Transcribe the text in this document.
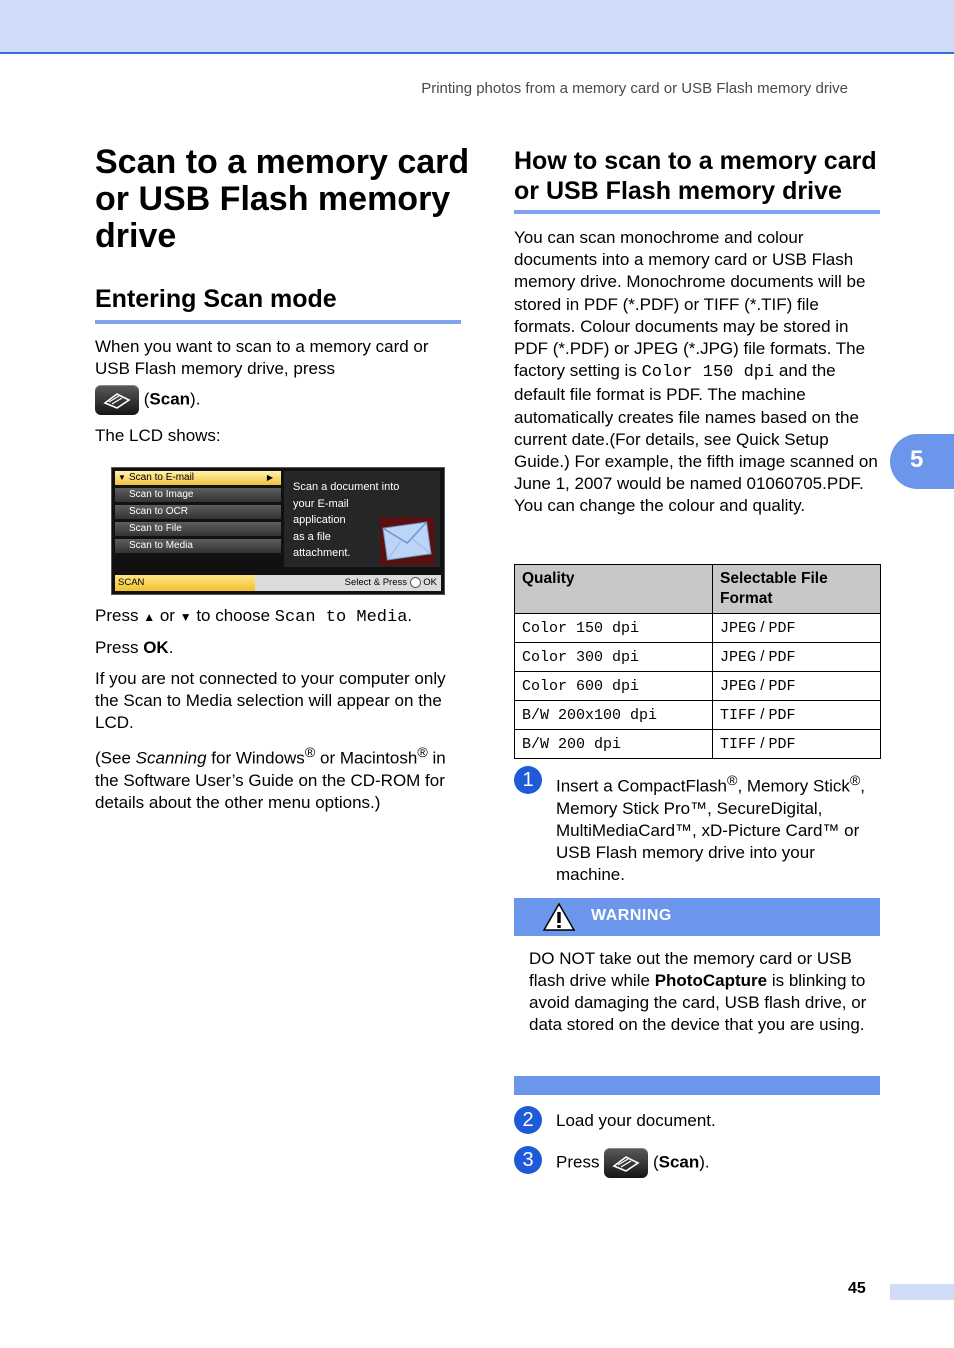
Printing photos from a memory card or USB Flash memory drive
Scan to a memory card or USB Flash memory drive
Entering Scan mode

When you want to scan to a memory card or USB Flash memory drive, press

(Scan).

The LCD shows:

▼ Scan to E-mail	▶
Scan to Image
Scan to OCR
Scan to File
Scan to Media
Scan a document into
your E-mail
application
as a file
attachment.
SCAN	Select & Press OK

Press ▲ or ▼ to choose Scan to Media.

Press OK.

If you are not connected to your computer only the Scan to Media selection will appear on the LCD.

(See Scanning for Windows® or Macintosh® in the Software User’s Guide on the CD-ROM for details about the other menu options.)

How to scan to a memory card or USB Flash memory drive

You can scan monochrome and colour documents into a memory card or USB Flash memory drive. Monochrome documents will be stored in PDF (*.PDF) or TIFF (*.TIF) file formats. Colour documents may be stored in PDF (*.PDF) or JPEG (*.JPG) file formats. The factory setting is Color 150 dpi and the default file format is PDF. The machine automatically creates file names based on the current date.(For details, see Quick Setup Guide.) For example, the fifth image scanned on June 1, 2007 would be named 01060705.PDF. You can change the colour and quality.

Quality	Selectable File Format
Color 150 dpi	JPEG / PDF
Color 300 dpi	JPEG / PDF
Color 600 dpi	JPEG / PDF
B/W 200x100 dpi	TIFF / PDF
B/W 200 dpi	TIFF / PDF
1	Insert a CompactFlash®, Memory Stick®, Memory Stick Pro™, SecureDigital, MultiMediaCard™, xD-Picture Card™ or USB Flash memory drive into your machine.

WARNING

DO NOT take out the memory card or USB flash drive while PhotoCapture is blinking to avoid damaging the card, USB flash drive, or data stored on the device that you are using.

2	Load your document.

3	Press	(Scan).

5
45
